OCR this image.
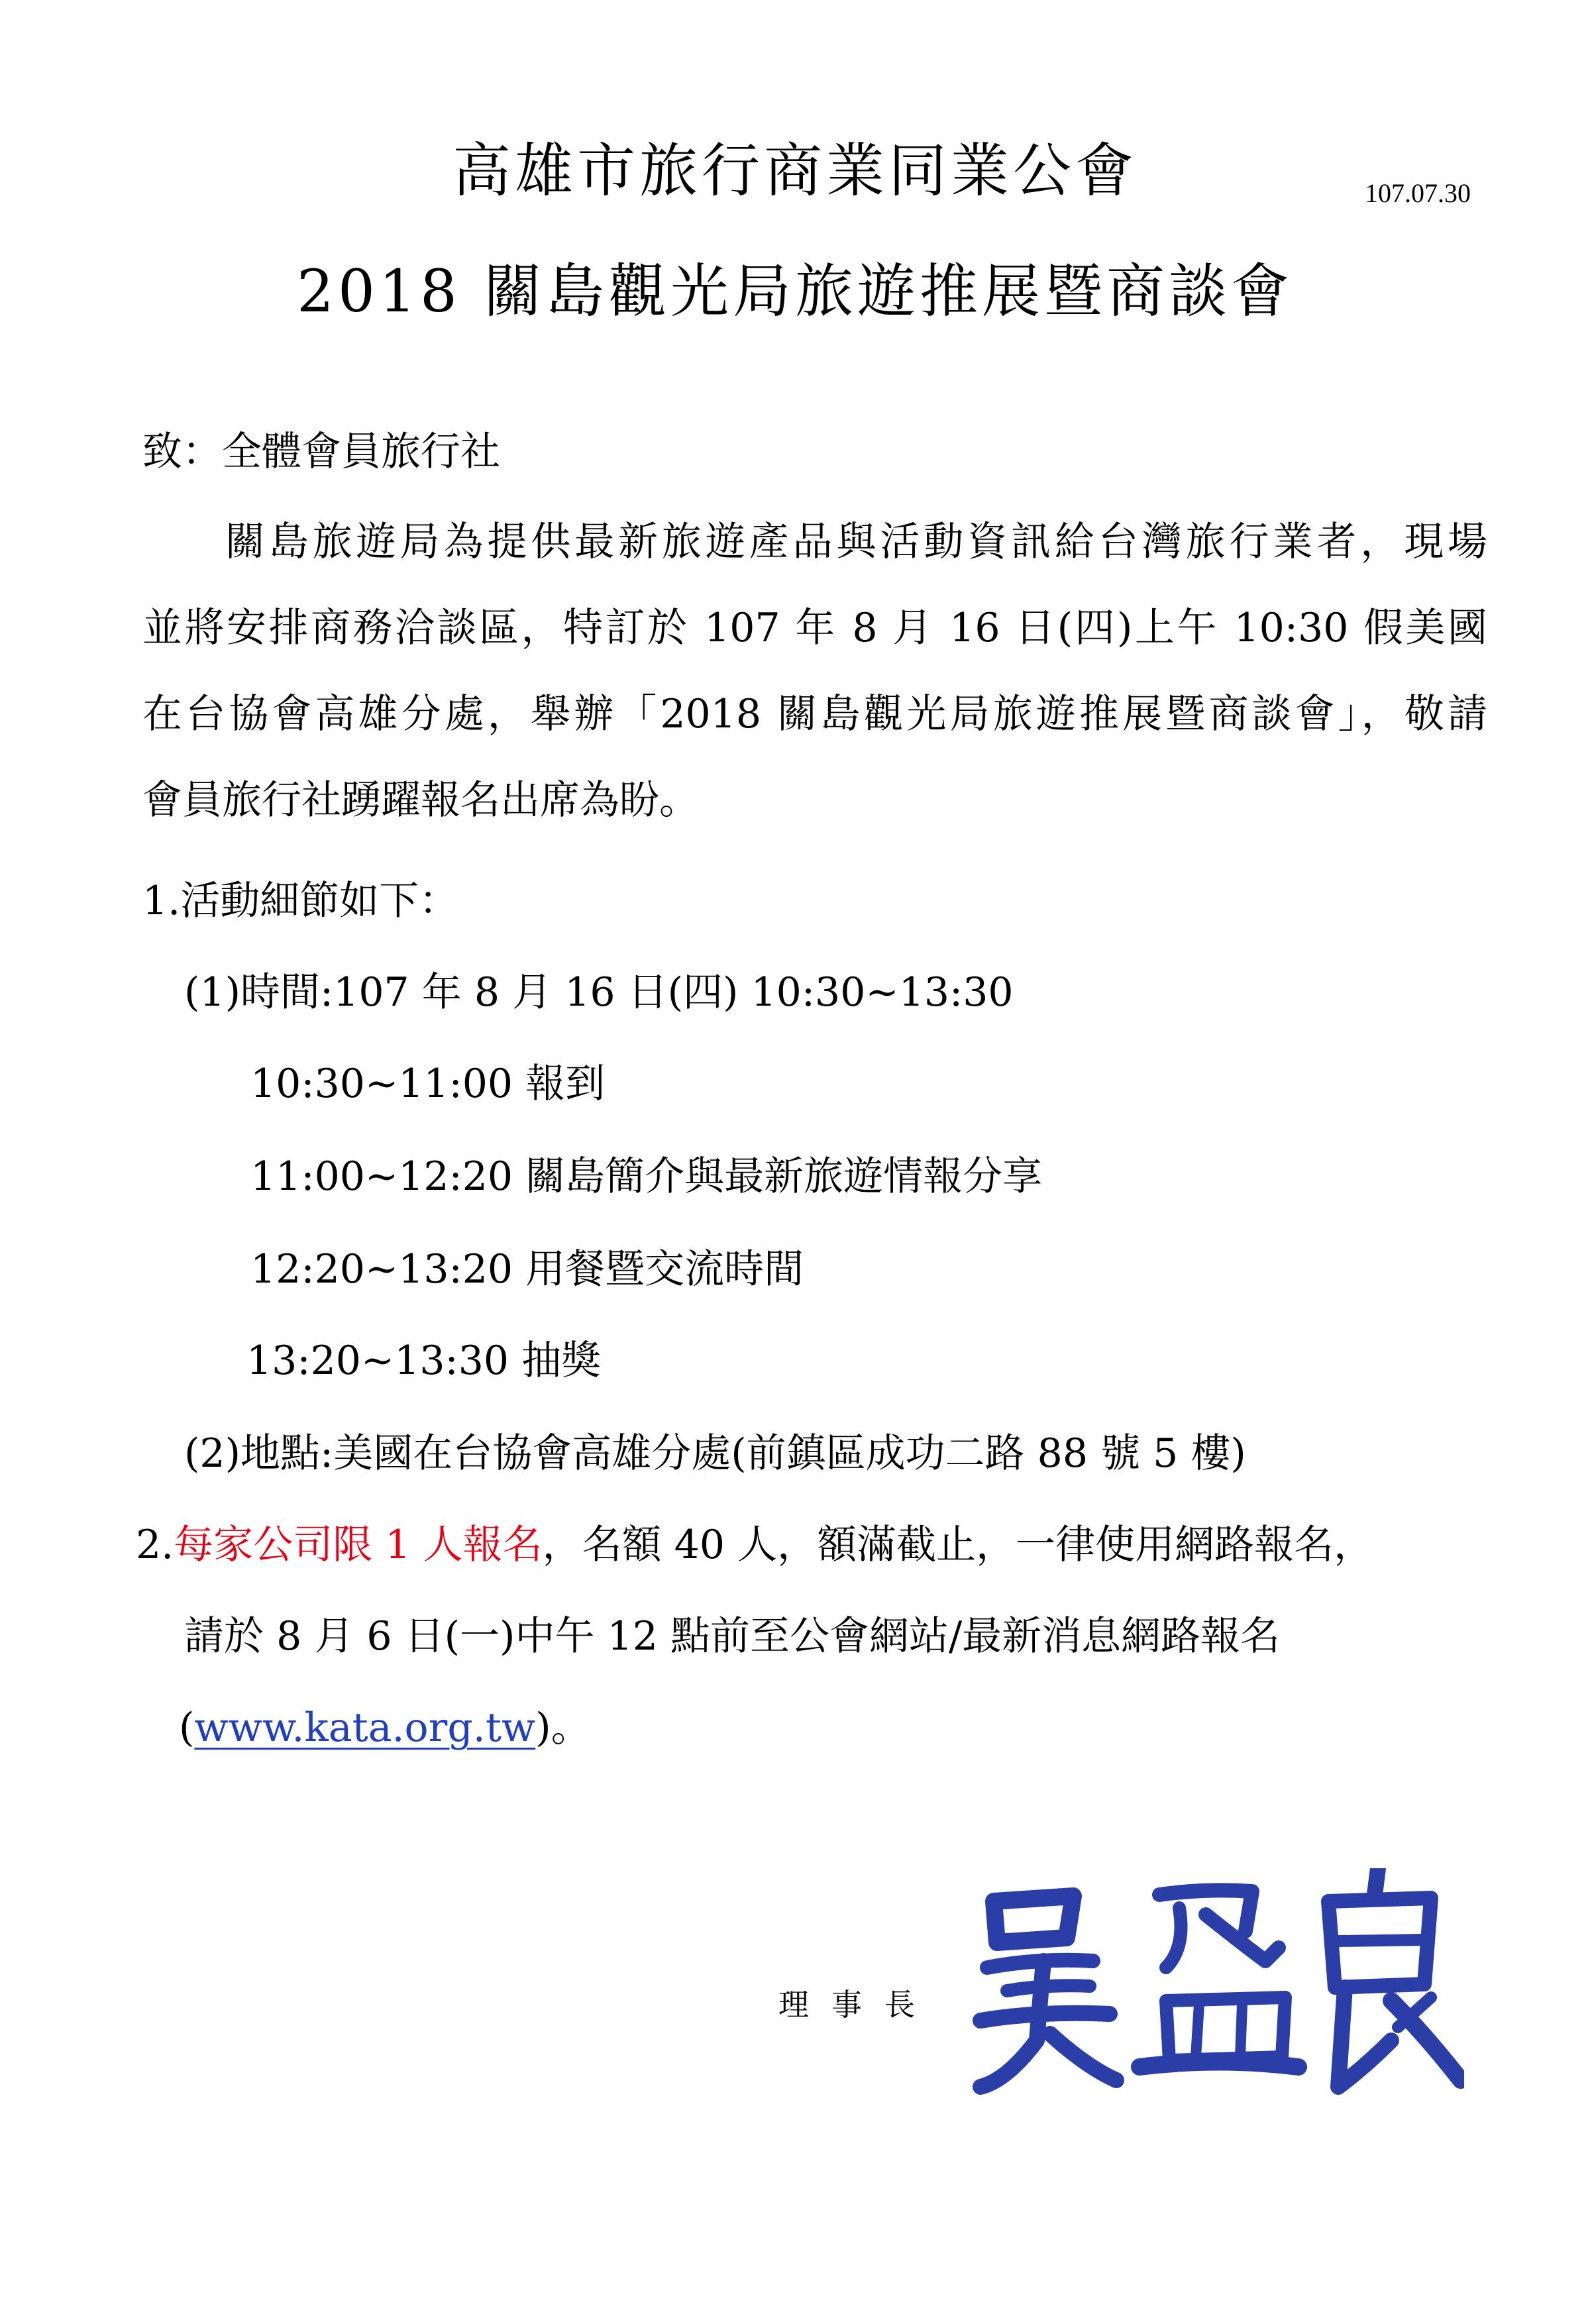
高雄市旅行商業同業公會	107.07.30
2018 關島觀光局旅遊推展暨商談會
致：全體會員旅行社
關島旅遊局為提供最新旅遊產品與活動資訊給台灣旅行業者，現場
並將安排商務洽談區，特訂於 107 年 8 月 16 日(四)上午 10:30 假美國
在台協會高雄分處，舉辦「2018 關島觀光局旅遊推展暨商談會」，敬請
會員旅行社踴躍報名出席為盼。
1.活動細節如下：
(1)時間:107 年 8 月 16 日(四) 10:30~13:30
10:30~11:00 報到
11:00~12:20 關島簡介與最新旅遊情報分享
12:20~13:20 用餐暨交流時間
13:20~13:30 抽獎
(2)地點:美國在台協會高雄分處(前鎮區成功二路 88 號 5 樓)
2.每家公司限 1 人報名，名額 40 人，額滿截止，一律使用網路報名，
請於 8 月 6 日(一)中午 12 點前至公會網站/最新消息網路報名
(www.kata.org.tw)。
理事長
